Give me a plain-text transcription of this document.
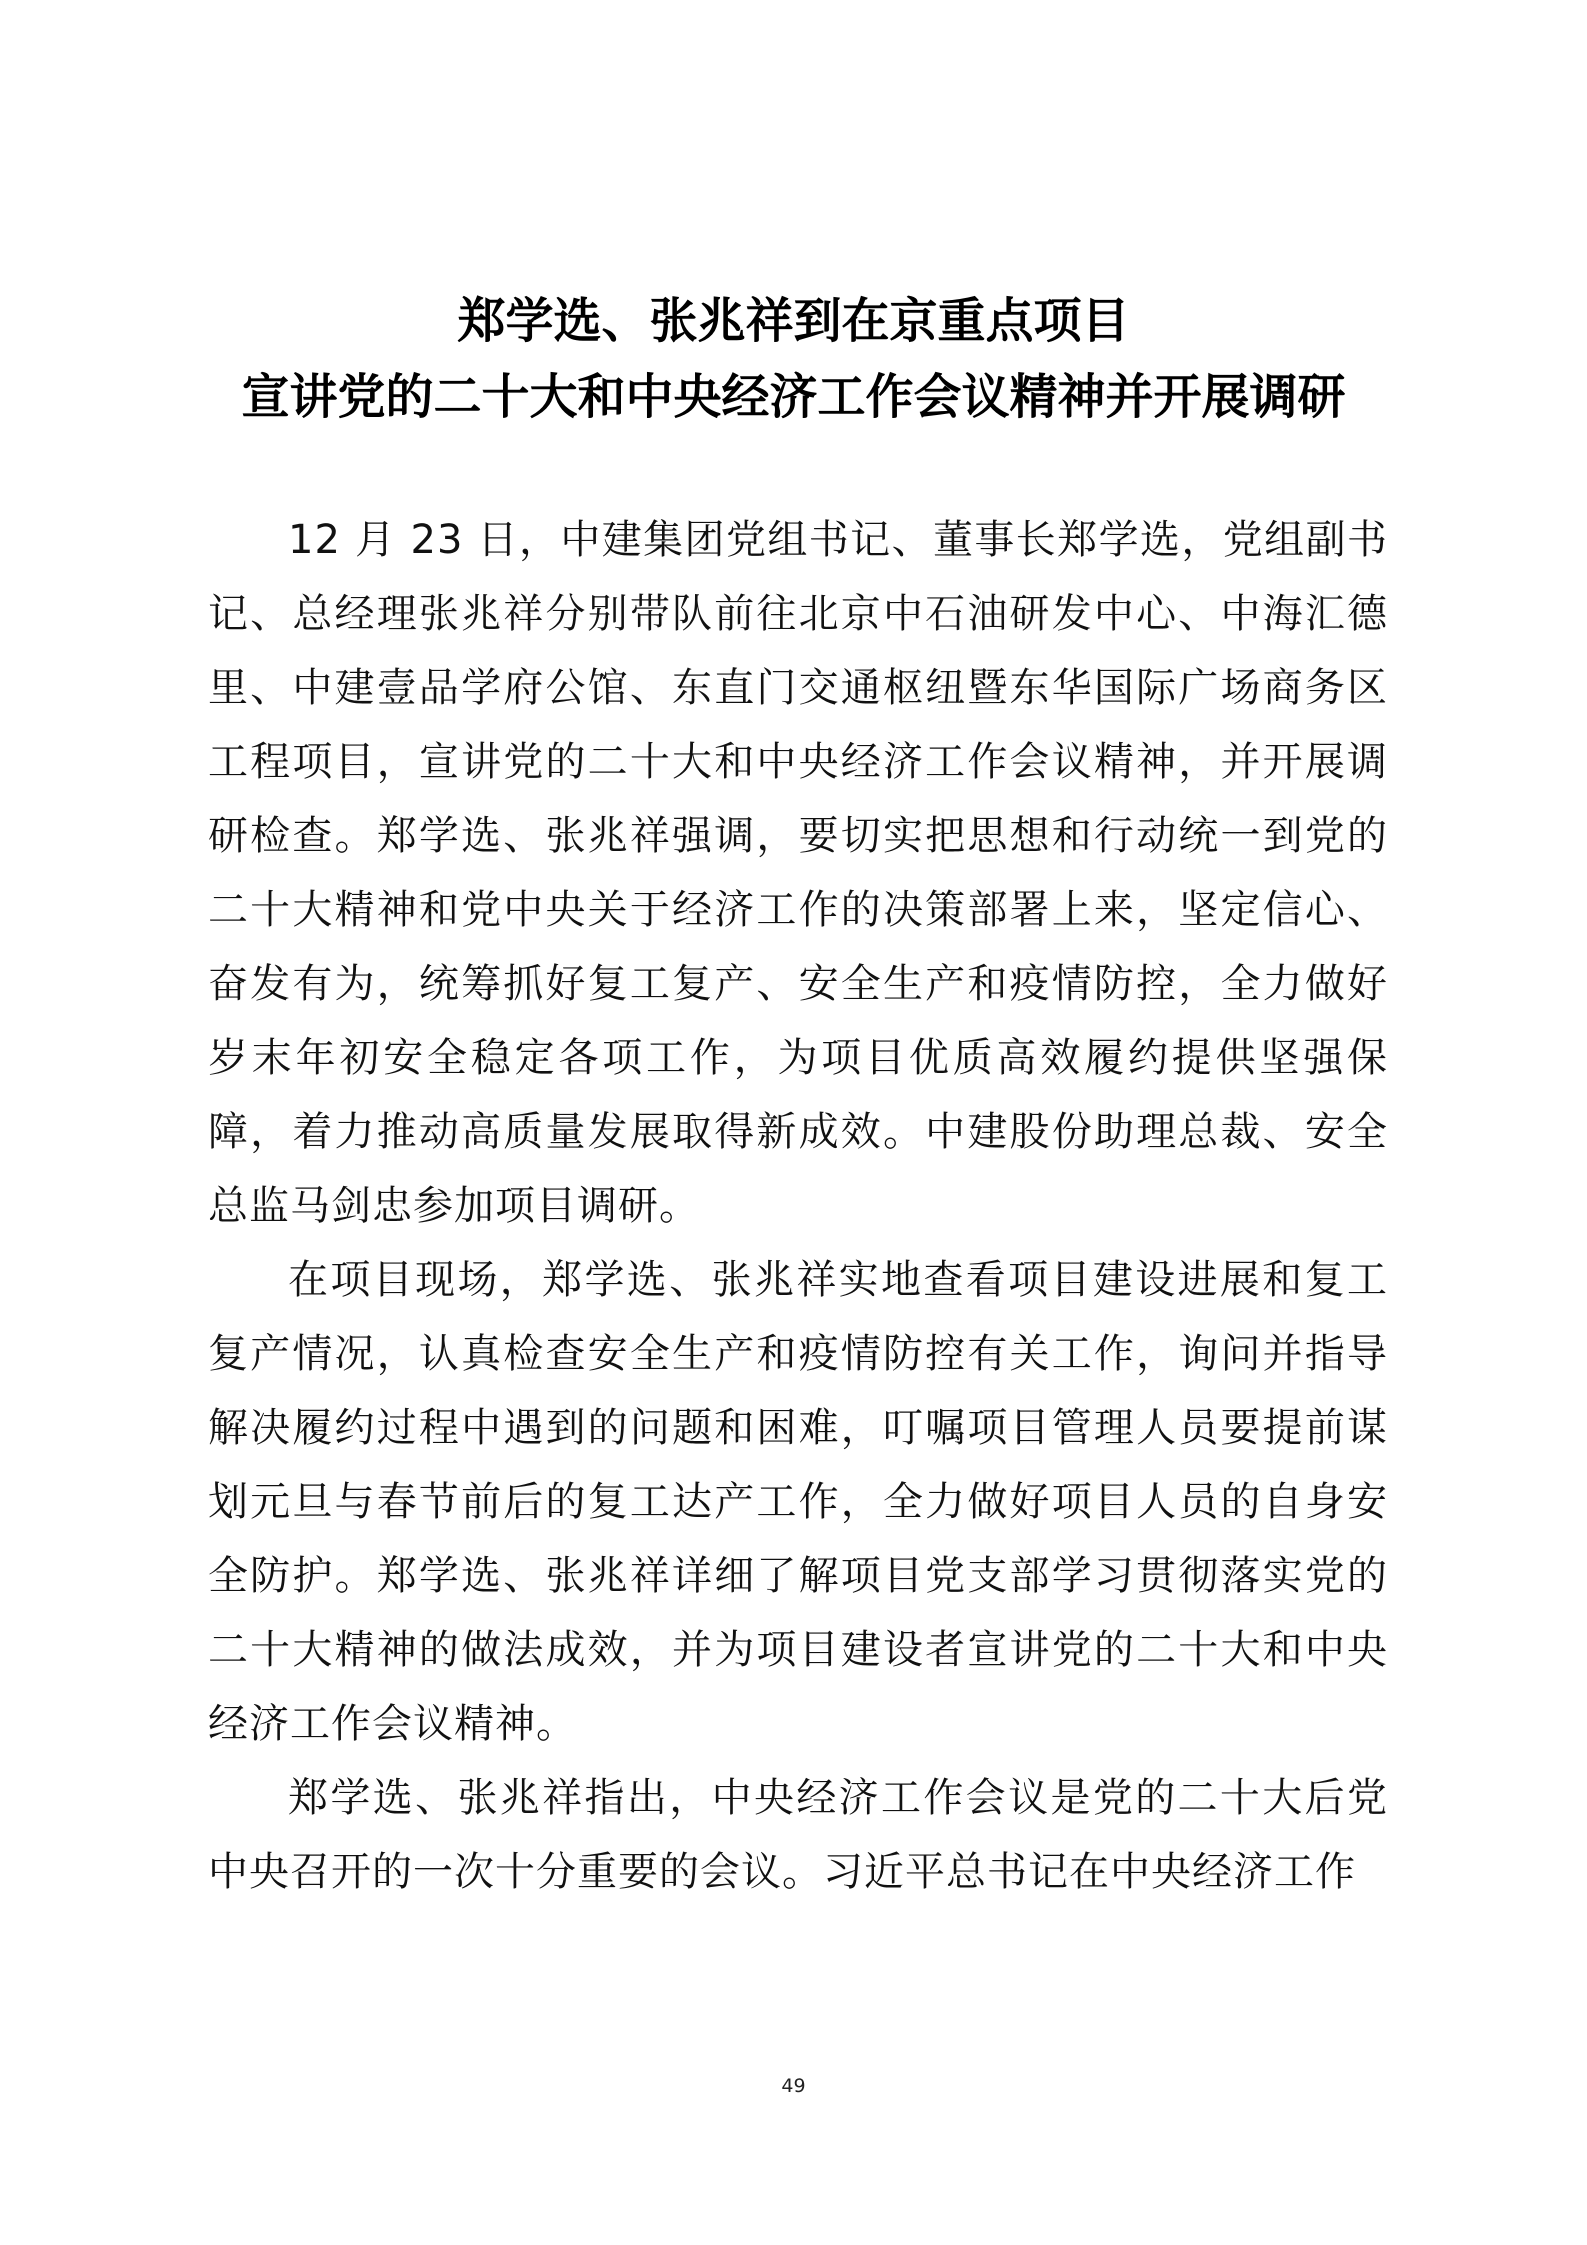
郑学选、张兆祥到在京重点项目
宣讲党的二十大和中央经济工作会议精神并开展调研

12 月 23 日，中建集团党组书记、董事长郑学选，党组副书记、总经理张兆祥分别带队前往北京中石油研发中心、中海汇德里、中建壹品学府公馆、东直门交通枢纽暨东华国际广场商务区工程项目，宣讲党的二十大和中央经济工作会议精神，并开展调研检查。郑学选、张兆祥强调，要切实把思想和行动统一到党的二十大精神和党中央关于经济工作的决策部署上来，坚定信心、奋发有为，统筹抓好复工复产、安全生产和疫情防控，全力做好岁末年初安全稳定各项工作，为项目优质高效履约提供坚强保障，着力推动高质量发展取得新成效。中建股份助理总裁、安全总监马剑忠参加项目调研。

在项目现场，郑学选、张兆祥实地查看项目建设进展和复工复产情况，认真检查安全生产和疫情防控有关工作，询问并指导解决履约过程中遇到的问题和困难，叮嘱项目管理人员要提前谋划元旦与春节前后的复工达产工作，全力做好项目人员的自身安全防护。郑学选、张兆祥详细了解项目党支部学习贯彻落实党的二十大精神的做法成效，并为项目建设者宣讲党的二十大和中央经济工作会议精神。

郑学选、张兆祥指出，中央经济工作会议是党的二十大后党中央召开的一次十分重要的会议。习近平总书记在中央经济工作

49
